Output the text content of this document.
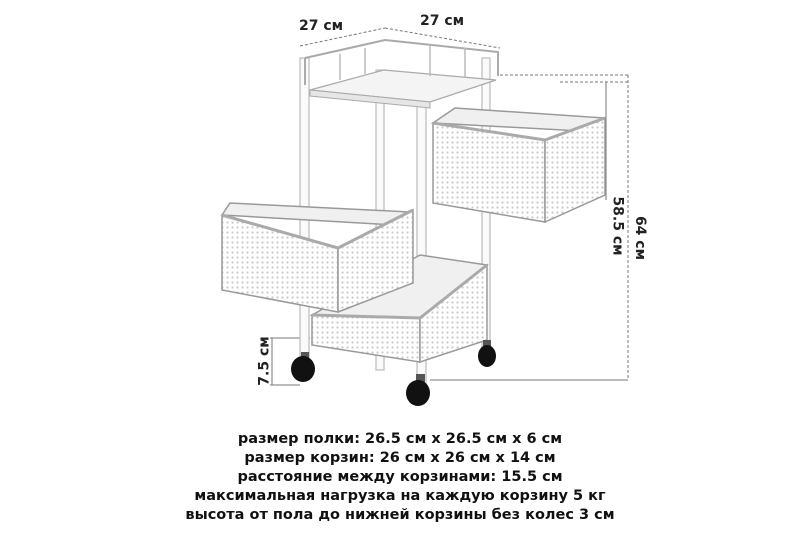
27 см	27 см
64 см
58.5 см
7.5 см
размер полки: 26.5 см х 26.5 см х 6 см
размер корзин: 26 см х 26 см х 14 см
расстояние между корзинами: 15.5 см
максимальная нагрузка на каждую корзину 5 кг
высота от пола до нижней корзины без колес 3 см
